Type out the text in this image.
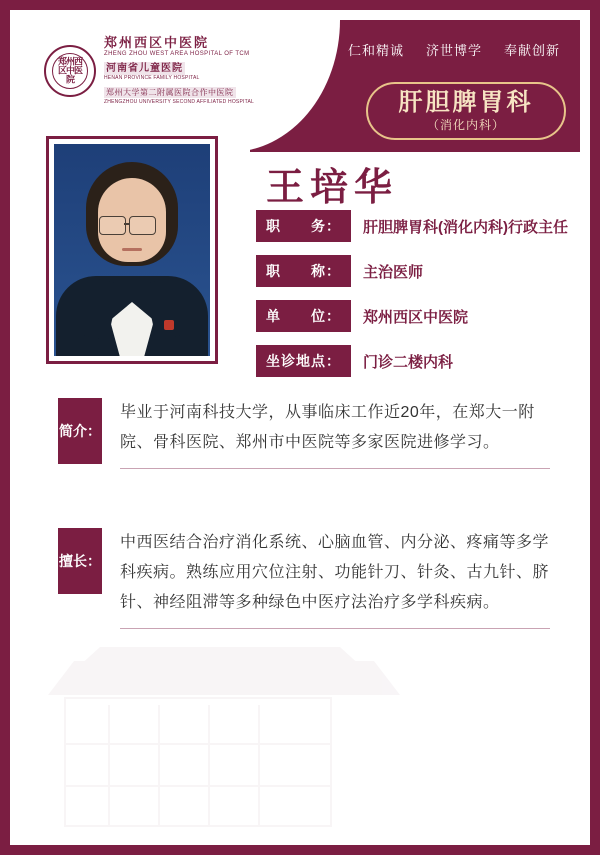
郑州西区中医院
郑州西区中医院
ZHENG ZHOU WEST AREA HOSPITAL OF TCM
河南省儿童医院
HENAN PROVINCE FAMILY HOSPITAL
郑州大学第二附属医院合作中医院
ZHENGZHOU UNIVERSITY SECOND AFFILIATED HOSPITAL
厚德为民 仁和精诚 济世博学 奉献创新
肝胆脾胃科
（消化内科）
王培华
职　　务：	肝胆脾胃科(消化内科)行政主任
职　　称：	主治医师
单　　位：	郑州西区中医院
坐诊地点：	门诊二楼内科
简介：
毕业于河南科技大学，从事临床工作近20年，在郑大一附院、骨科医院、郑州市中医院等多家医院进修学习。
擅长：
中西医结合治疗消化系统、心脑血管、内分泌、疼痛等多学科疾病。熟练应用穴位注射、功能针刀、针灸、古九针、脐针、神经阻滞等多种绿色中医疗法治疗多学科疾病。
